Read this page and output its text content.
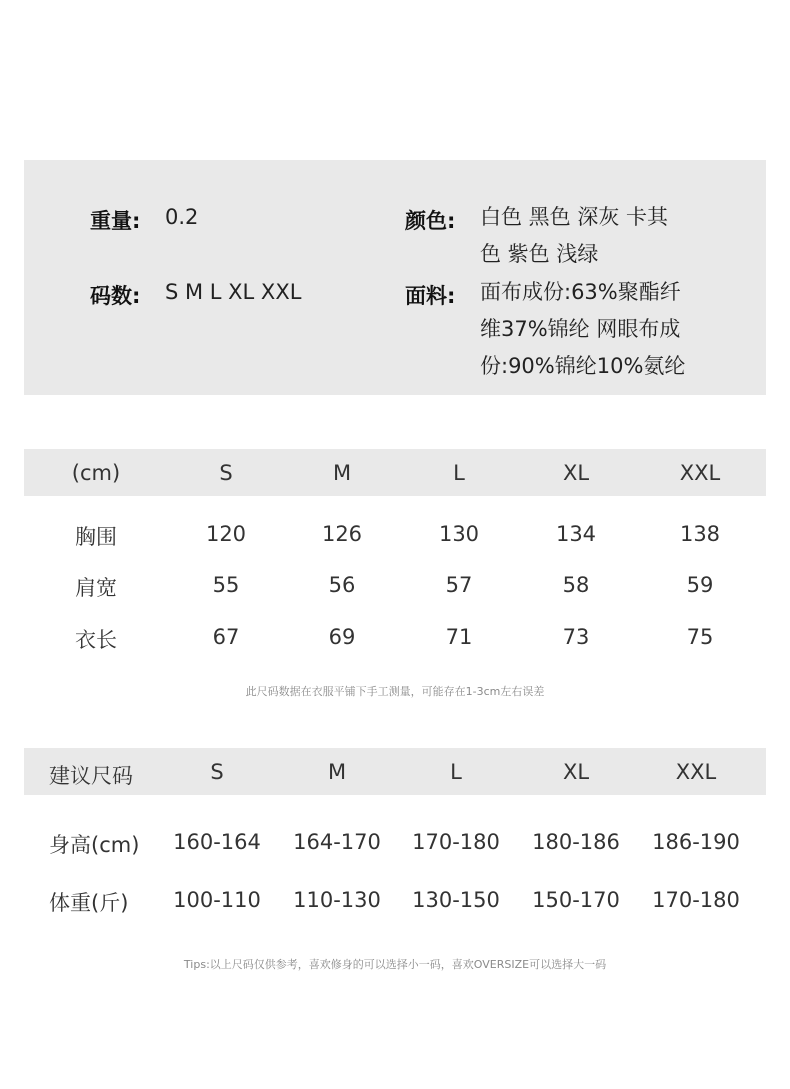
重量: 0.2
码数: S M L XL XXL
颜色: 白色 黑色 深灰 卡其
色 紫色 浅绿
面料: 面布成份:63%聚酯纤
维37%锦纶 网眼布成
份:90%锦纶10%氨纶
(cm)	S	M	L	XL	XXL
胸围	120	126	130	134	138
肩宽	55	56	57	58	59
衣长	67	69	71	73	75
此尺码数据在衣服平铺下手工测量，可能存在1-3cm左右误差
建议尺码	S	M	L	XL	XXL
身高(cm) 160-164 164-170 170-180 180-186 186-190
体重(斤) 100-110 110-130 130-150 150-170 170-180
Tips:以上尺码仅供参考，喜欢修身的可以选择小一码，喜欢OVERSIZE可以选择大一码
